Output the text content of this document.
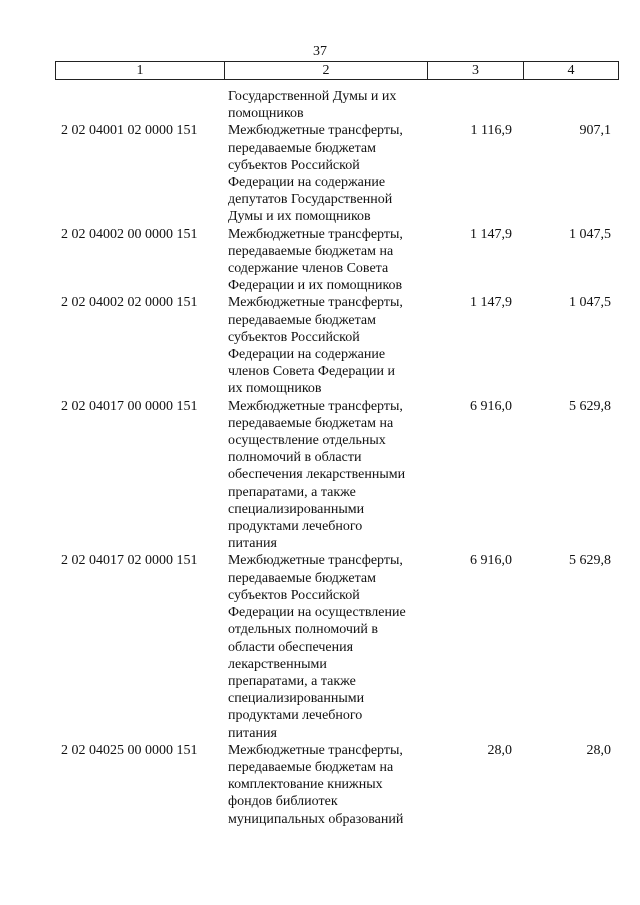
37
1	2	3	4
Государственной Думы и их
помощников
2 02 04001 02 0000 151	Межбюджетные трансферты,
передаваемые бюджетам
субъектов Российской
Федерации на содержание
депутатов Государственной
Думы и их помощников
1 116,9	907,1
2 02 04002 00 0000 151	Межбюджетные трансферты,
передаваемые бюджетам на
содержание членов Совета
Федерации и их помощников
1 147,9	1 047,5
2 02 04002 02 0000 151	Межбюджетные трансферты,
передаваемые бюджетам
субъектов Российской
Федерации на содержание
членов Совета Федерации и
их помощников
1 147,9	1 047,5
2 02 04017 00 0000 151	Межбюджетные трансферты,
передаваемые бюджетам на
осуществление отдельных
полномочий в области
обеспечения лекарственными
препаратами, а также
специализированными
продуктами лечебного
питания
6 916,0	5 629,8
2 02 04017 02 0000 151	Межбюджетные трансферты,
передаваемые бюджетам
субъектов Российской
Федерации на осуществление
отдельных полномочий в
области обеспечения
лекарственными
препаратами, а также
специализированными
продуктами лечебного
питания
6 916,0	5 629,8
2 02 04025 00 0000 151	Межбюджетные трансферты,
передаваемые бюджетам на
комплектование книжных
фондов библиотек
муниципальных образований
28,0	28,0
